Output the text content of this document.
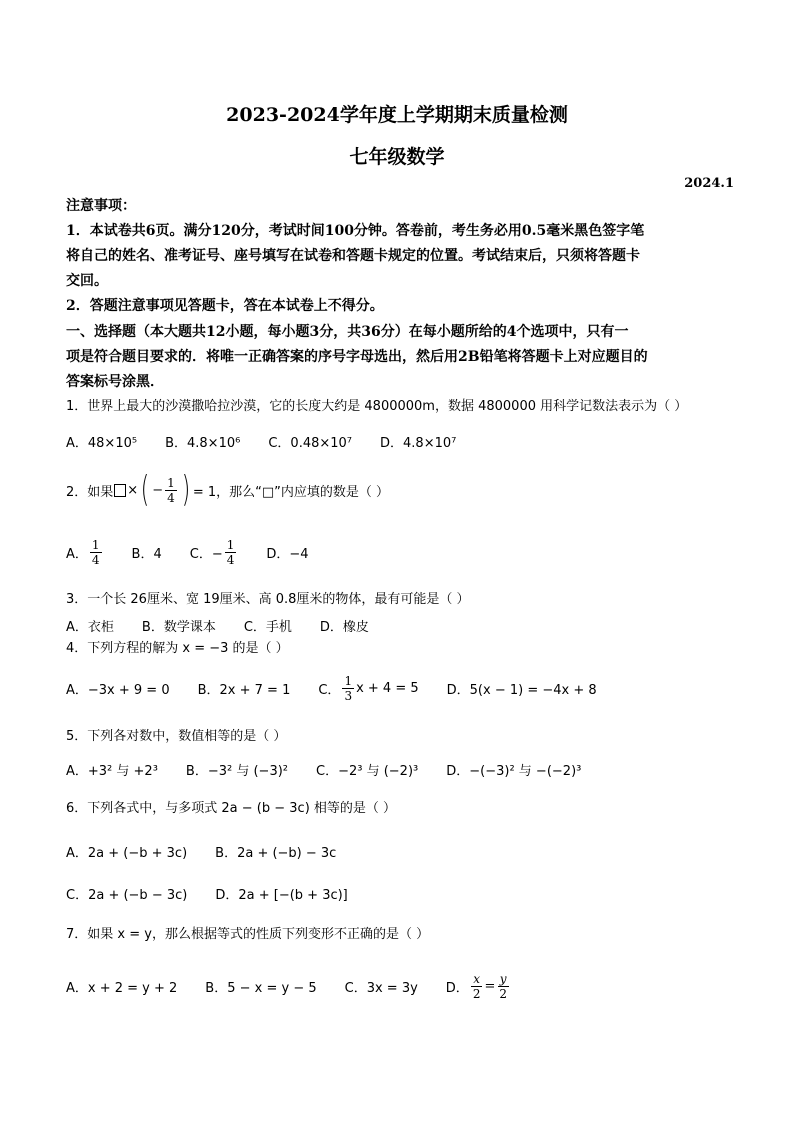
2023-2024学年度上学期期末质量检测
七年级数学
2024.1
注意事项：
1．本试卷共6页。满分120分，考试时间100分钟。答卷前，考生务必用0.5毫米黑色签字笔
将自己的姓名、准考证号、座号填写在试卷和答题卡规定的位置。考试结束后，只须将答题卡
交回。
2．答题注意事项见答题卡，答在本试卷上不得分。
一、选择题（本大题共12小题，每小题3分，共36分）在每小题所给的4个选项中，只有一
项是符合题目要求的．将唯一正确答案的序号字母选出，然后用2B铅笔将答题卡上对应题目的
答案标号涂黑．
1．世界上最大的沙漠撒哈拉沙漠，它的长度大约是 4800000m，数据 4800000 用科学记数法表示为（ ）
A．48×10⁵ B．4.8×10⁶ C．0.48×10⁷ D．4.8×10⁷
2．如果 × ( − $\frac{1}{4}$ ) = 1，那么“□”内应填的数是（ ）
A． $\frac{1}{4}$ B．4 C．− $\frac{1}{4}$ D．−4
3．一个长 26厘米、宽 19厘米、高 0.8厘米的物体，最有可能是（ ）
A．衣柜 B．数学课本 C．手机 D．橡皮
4．下列方程的解为 x = −3 的是（ ）
A．−3x + 9 = 0 B．2x + 7 = 1 C． $\frac{1}{3}$ x + 4 = 5 D．5(x − 1) = −4x + 8
5．下列各对数中，数值相等的是（ ）
A．+3² 与 +2³ B．−3² 与 (−3)² C．−2³ 与 (−2)³ D．−(−3)² 与 −(−2)³
6．下列各式中，与多项式 2a − (b − 3c) 相等的是（ ）
A．2a + (−b + 3c) B．2a + (−b) − 3c
C．2a + (−b − 3c) D．2a + [−(b + 3c)]
7．如果 x = y，那么根据等式的性质下列变形不正确的是（ ）
A．x + 2 = y + 2 B．5 − x = y − 5 C．3x = 3y D． $\frac{x}{2} = \frac{y}{2}$
